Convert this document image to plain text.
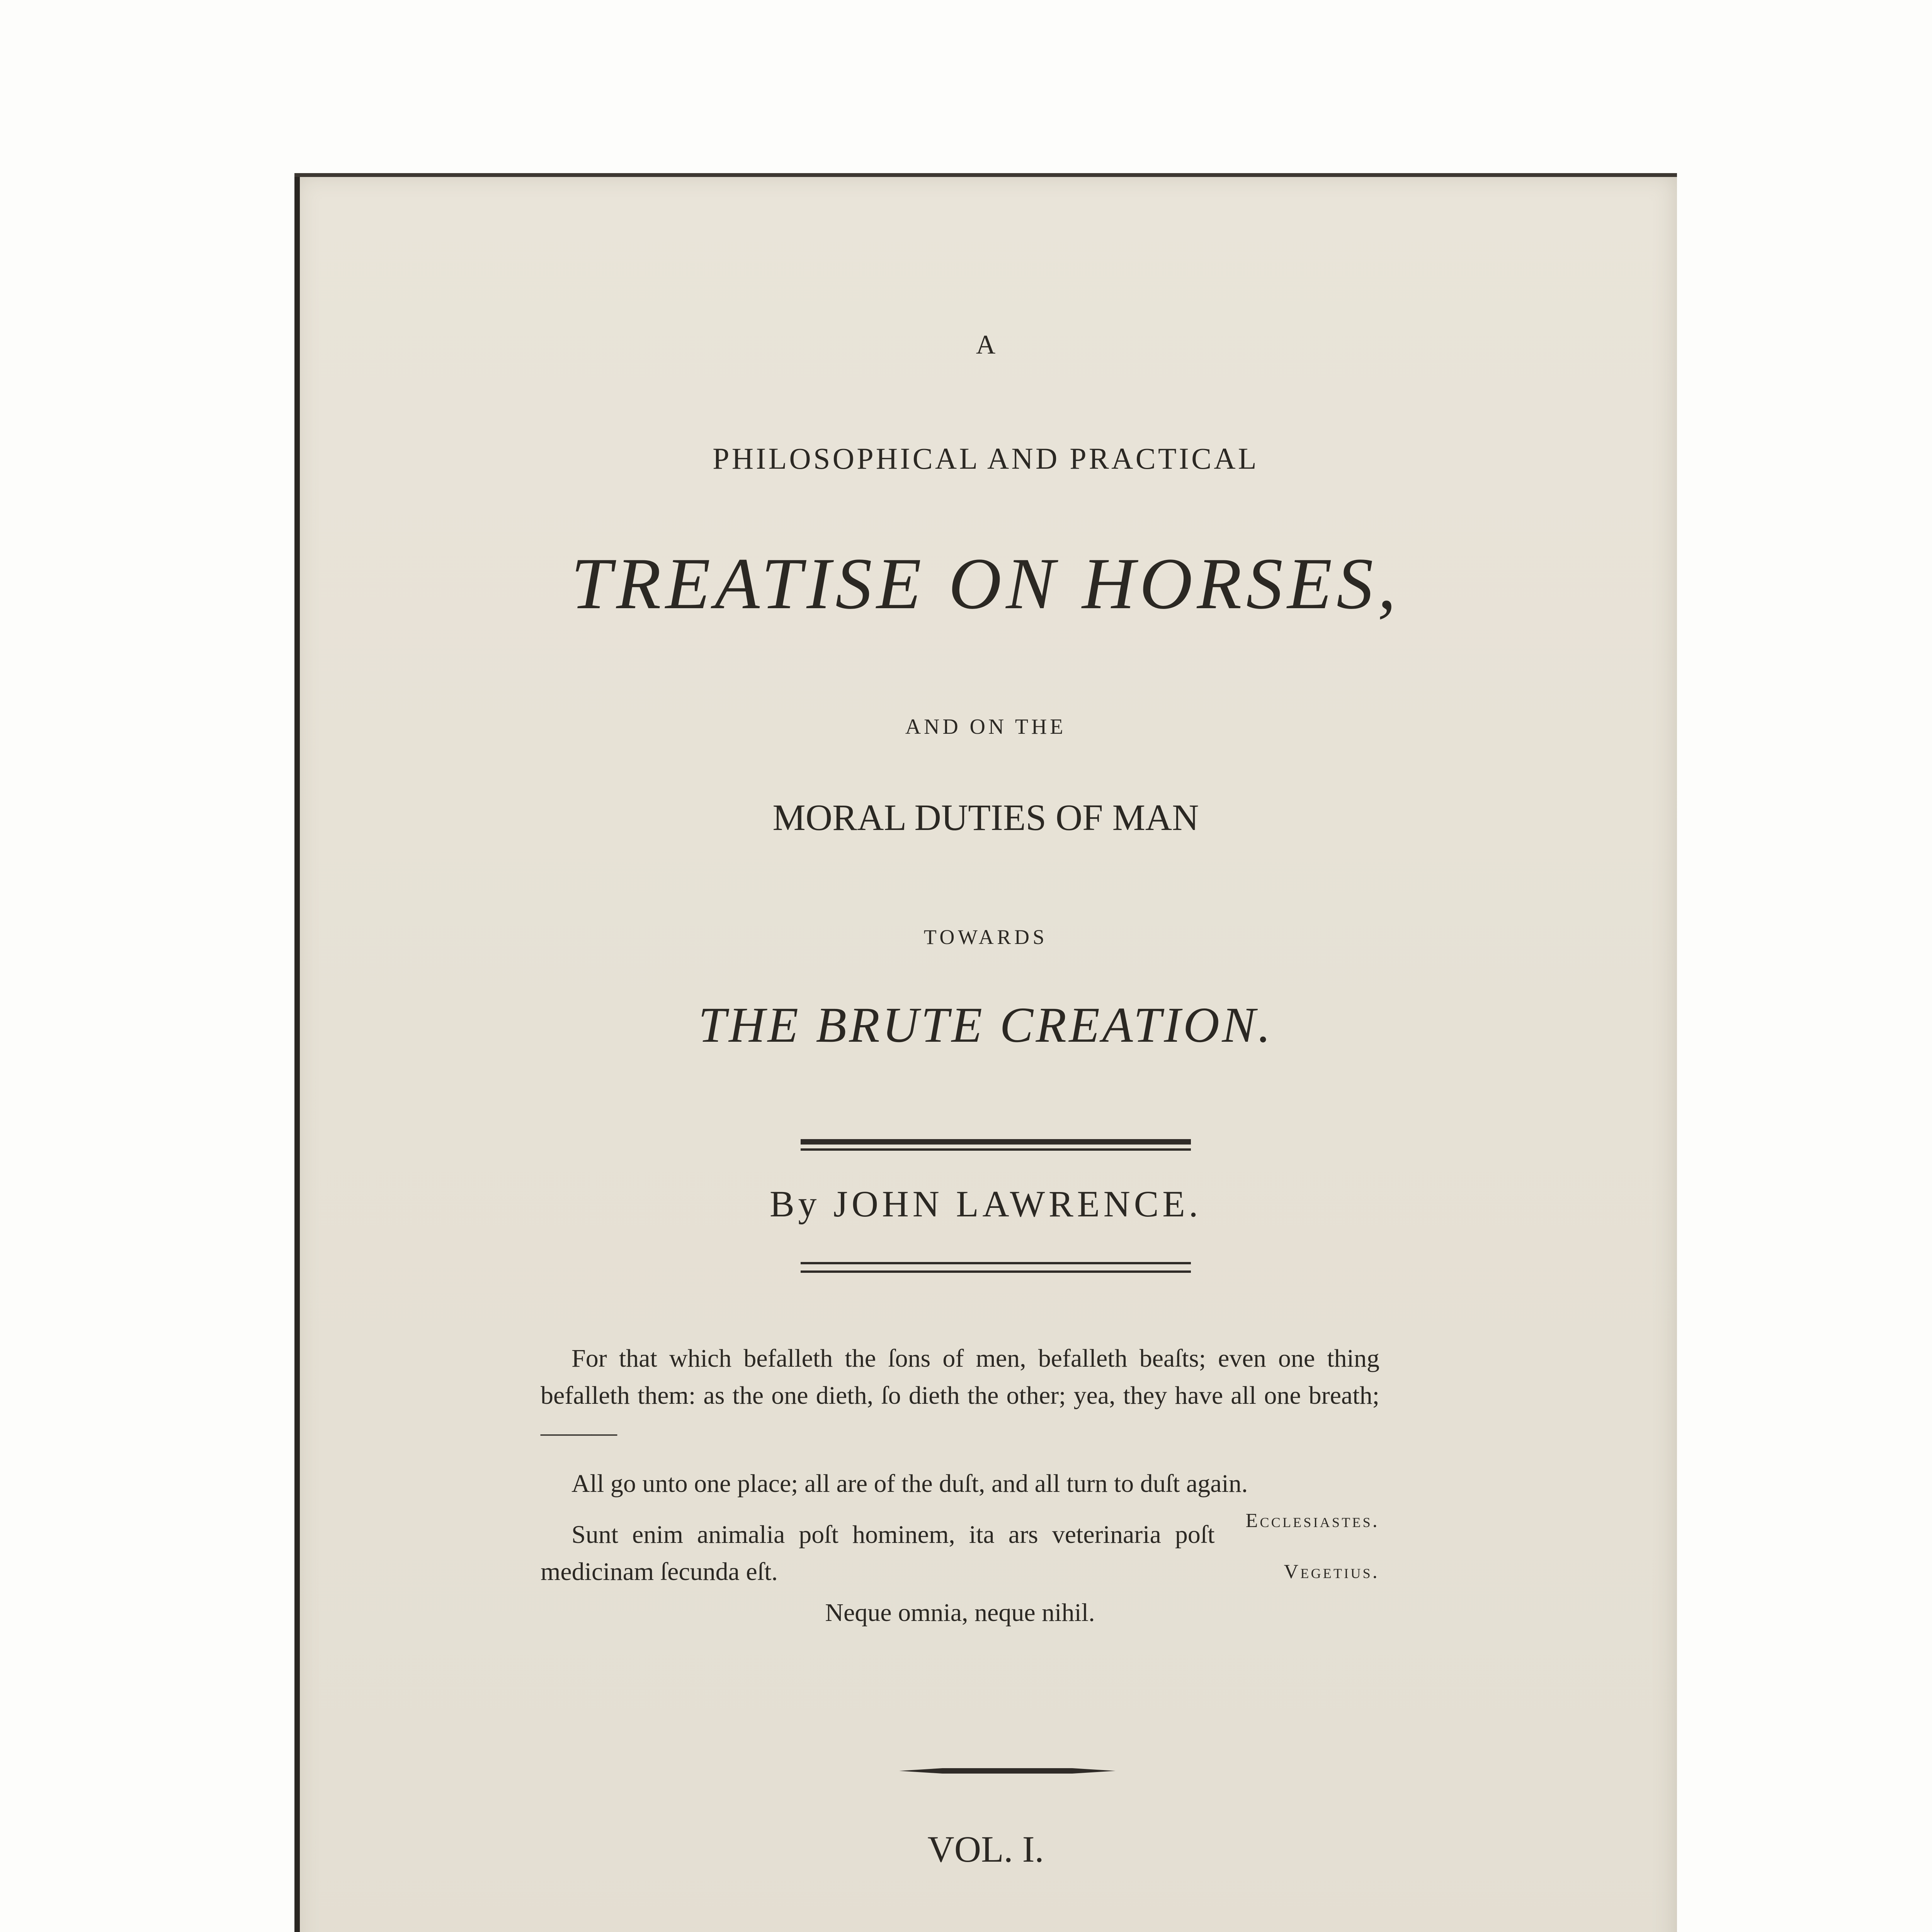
A
PHILOSOPHICAL AND PRACTICAL
TREATISE ON HORSES,
AND ON THE
MORAL DUTIES OF MAN
TOWARDS
THE BRUTE CREATION.
By JOHN LAWRENCE.

For that which befalleth the ſons of men, befalleth beaſts; even one thing befalleth them: as the one dieth, ſo dieth the other; yea, they have all one breath;———

All go unto one place; all are of the duſt, and all turn to duſt again.
Ecclesiastes.

Sunt enim animalia poſt hominem, ita ars veterinaria poſt medicinam ſecunda eſt.	Vegetius.

Neque omnia, neque nihil.

VOL. I.
